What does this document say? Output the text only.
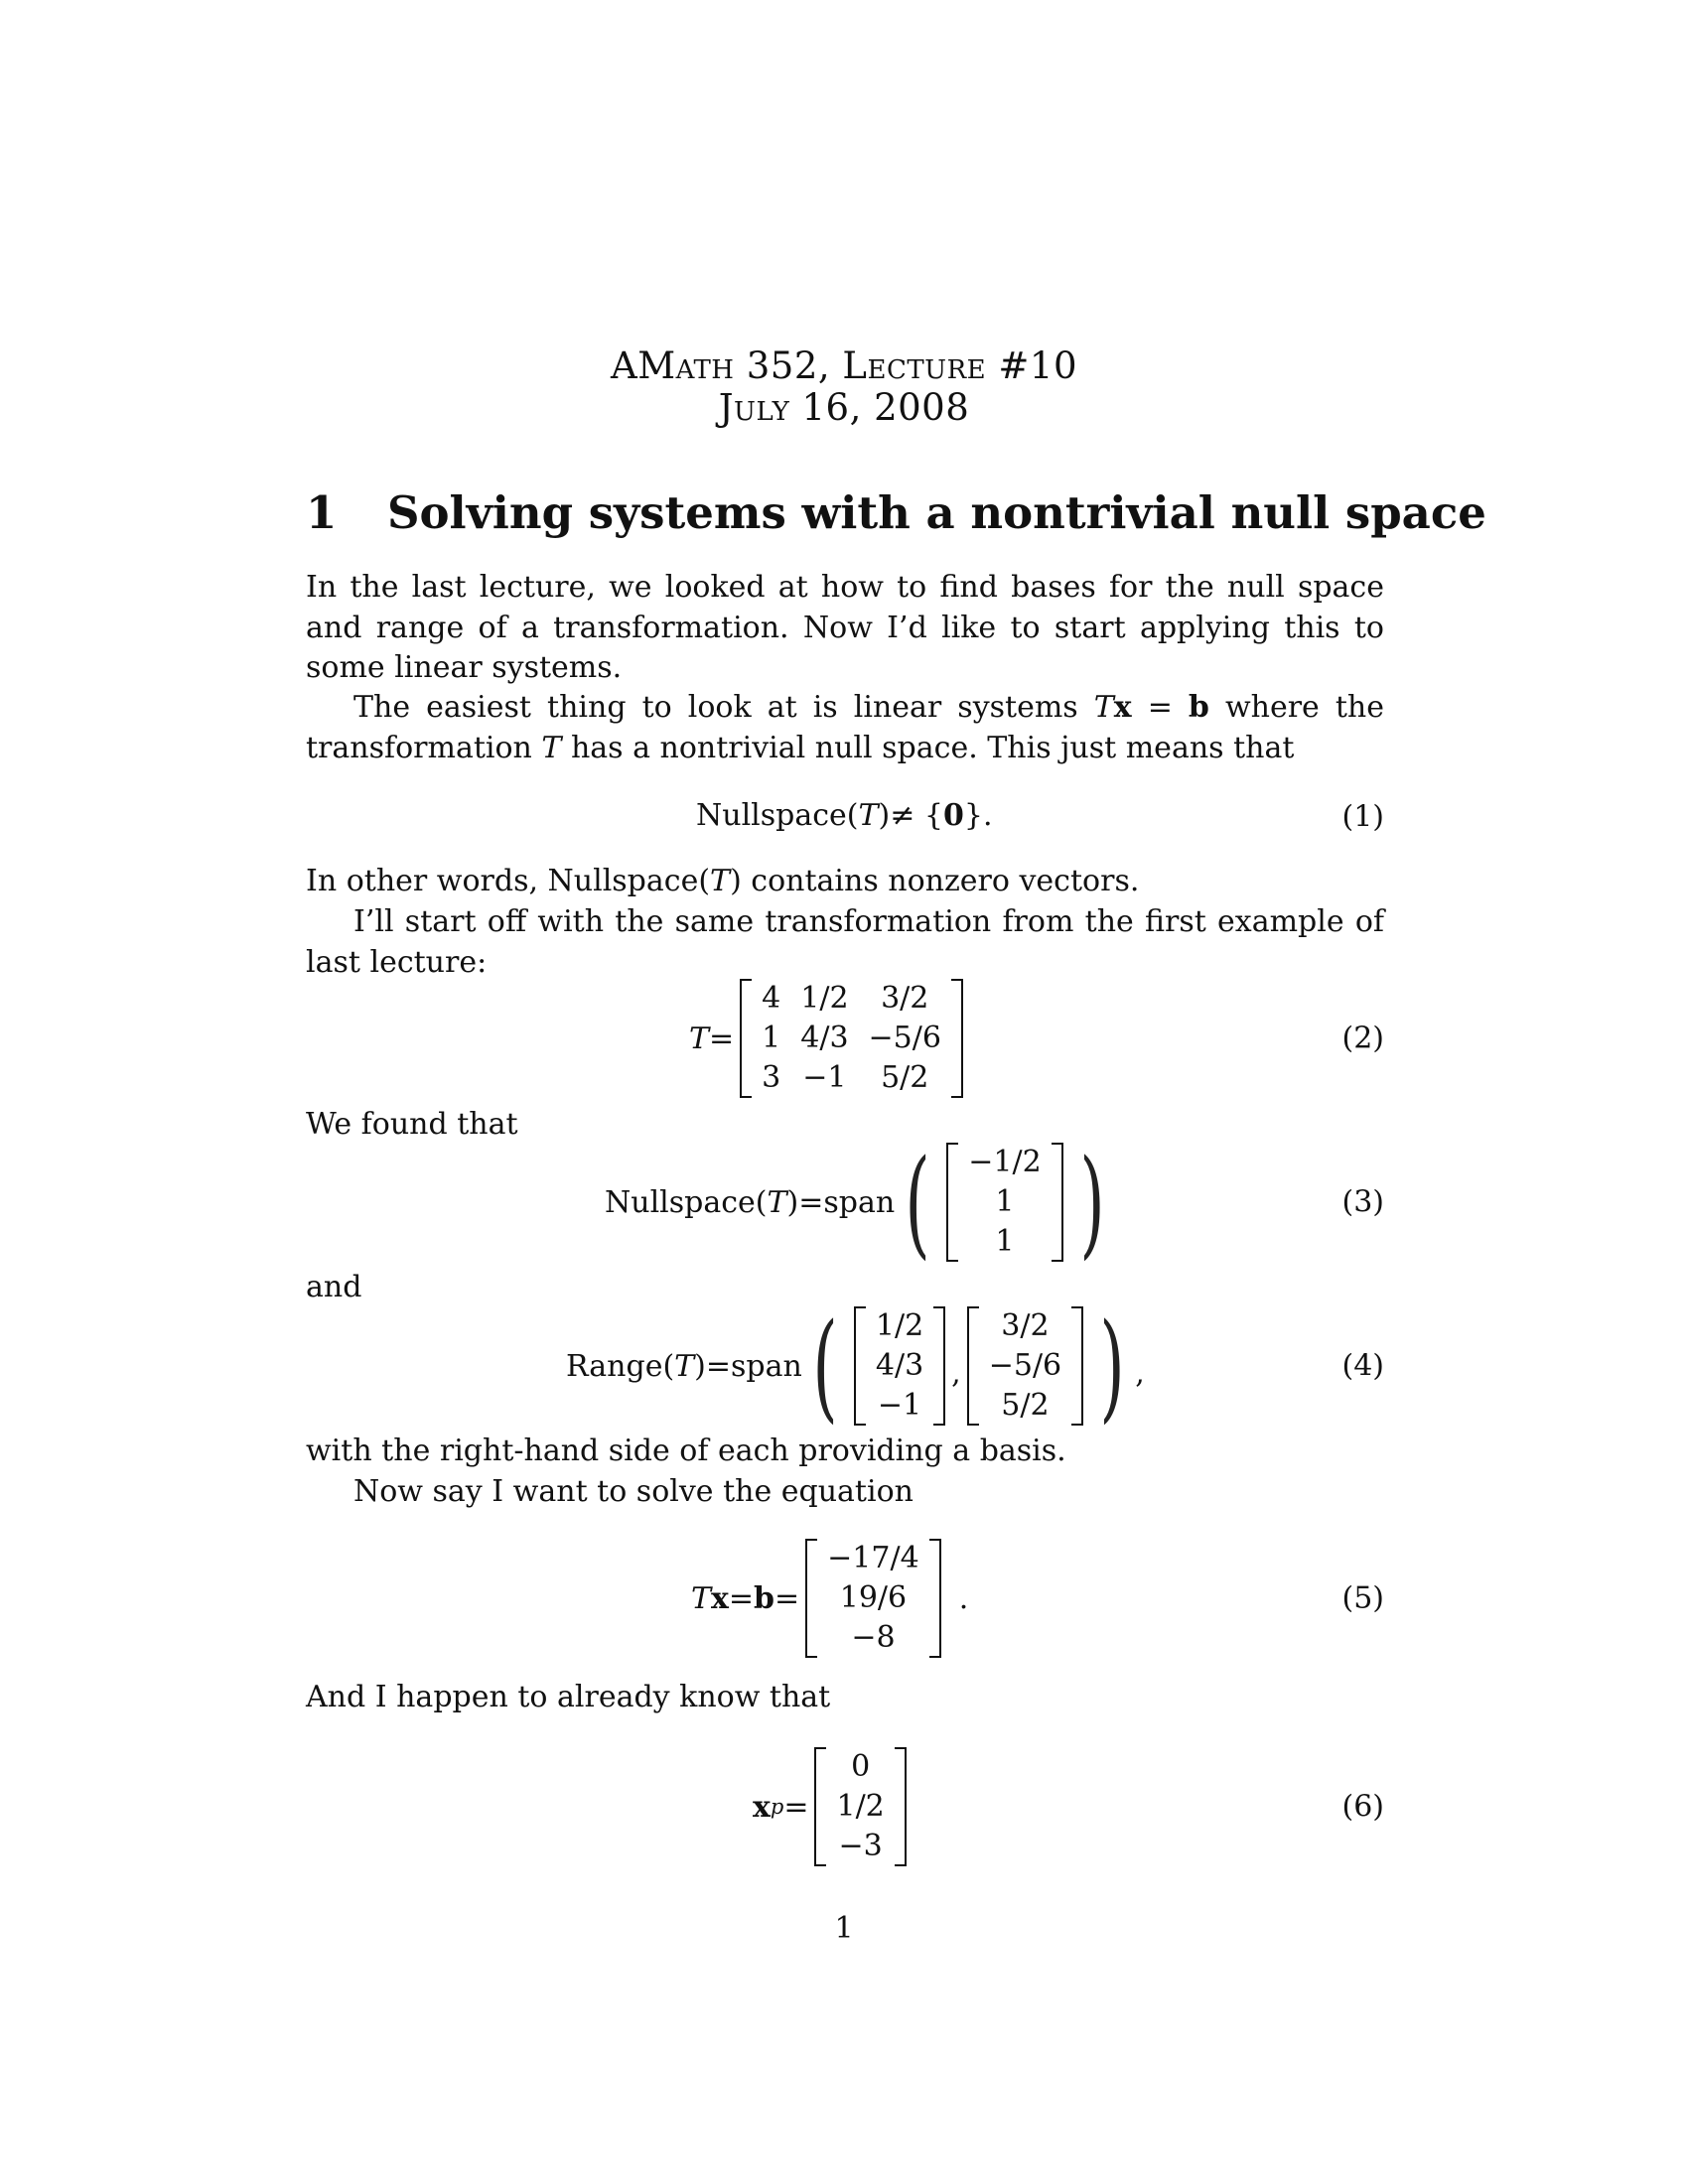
AMath 352, Lecture #10
July 16, 2008
1 Solving systems with a nontrivial null space
In the last lecture, we looked at how to find bases for the null space and range of a transformation. Now I’d like to start applying this to some linear systems.
The easiest thing to look at is linear systems Tx = b where the transformation T has a nontrivial null space. This just means that
Nullspace( T ) ≠ { 0 }.	(1)
In other words, Nullspace(T) contains nonzero vectors.
I’ll start off with the same transformation from the first example of last lecture:
T =
4	1/2	3/2
1	4/3	−5/6
3	−1	5/2
(2)
We found that
Nullspace( T ) = span ( −1/2
1
1 )	(3)
and
Range( T ) = span ( 1/2
4/3
−1
,
3/2
−5/6
5/2 ) ,	(4)
with the right-hand side of each providing a basis.
Now say I want to solve the equation
T x = b =
−17/4
19/6
−8
.	(5)
And I happen to already know that
x p =
0
1/2
−3
(6)
1
